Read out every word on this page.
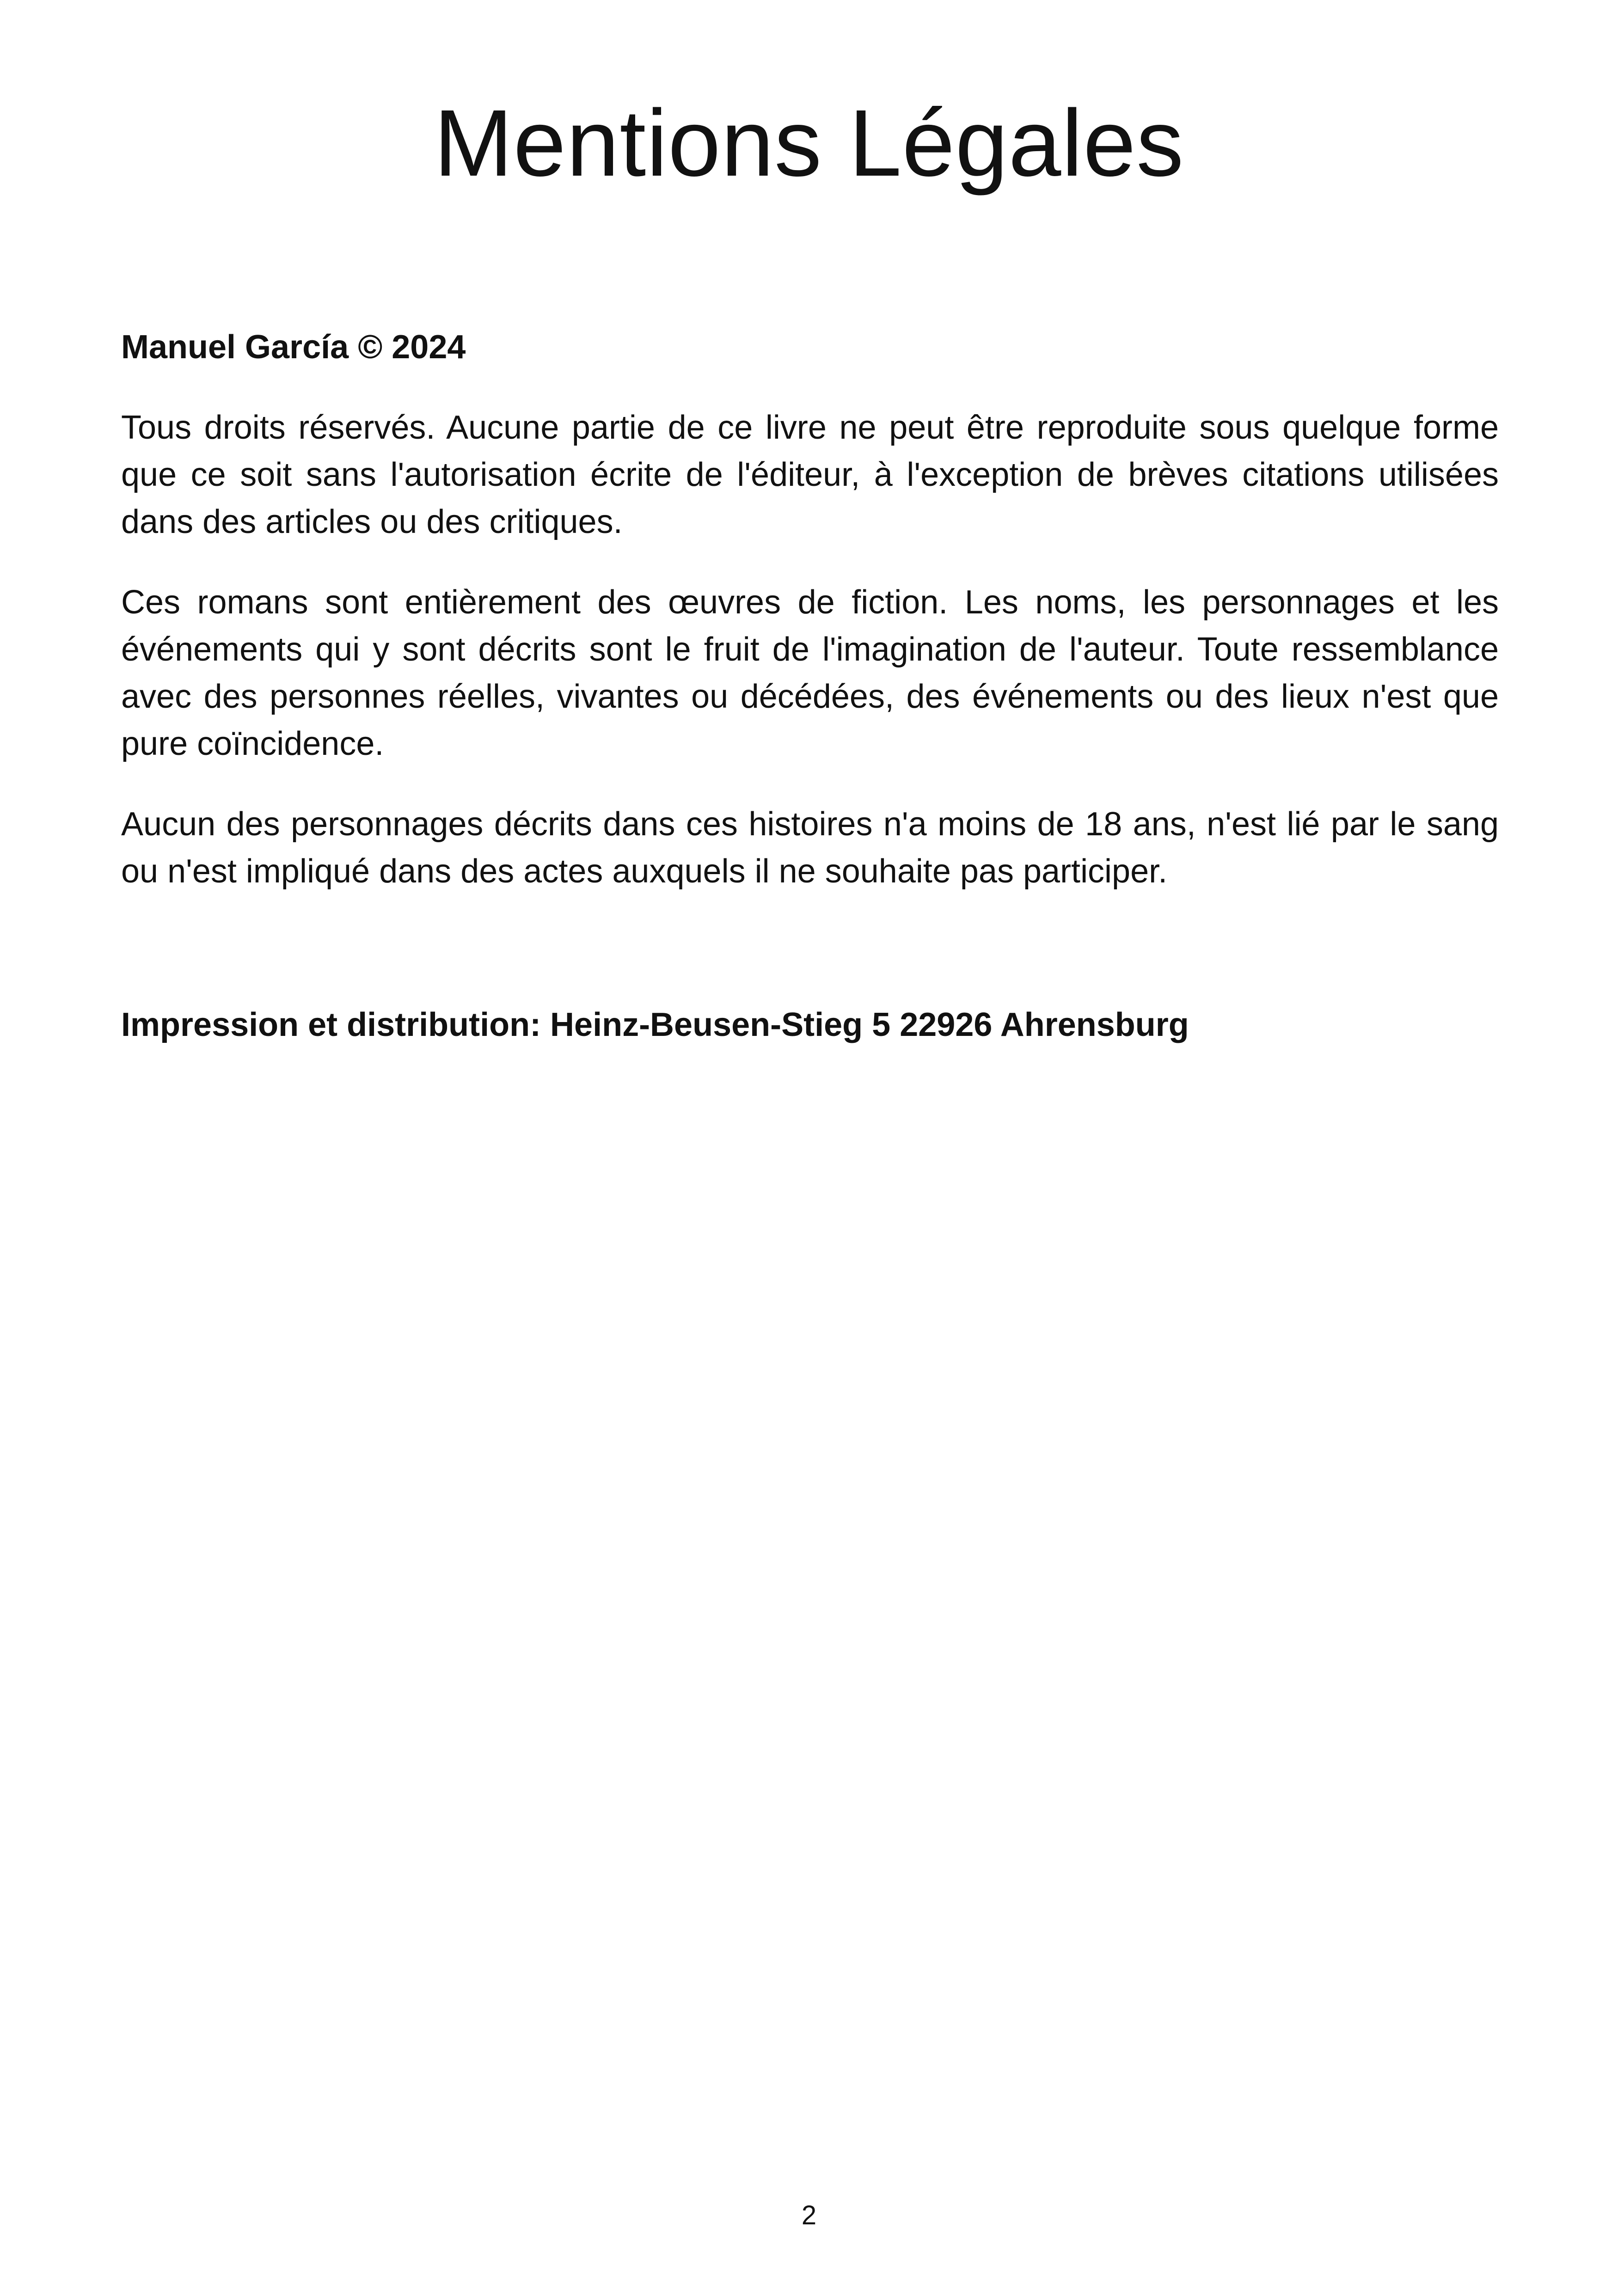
Mentions Légales

Manuel García © 2024

Tous droits réservés. Aucune partie de ce livre ne peut être reproduite sous quelque forme que ce soit sans l'autorisation écrite de l'éditeur, à l'exception de brèves citations utilisées dans des articles ou des critiques.

Ces romans sont entièrement des œuvres de fiction. Les noms, les personnages et les événements qui y sont décrits sont le fruit de l'imagination de l'auteur. Toute ressemblance avec des personnes réelles, vivantes ou décédées, des événements ou des lieux n'est que pure coïncidence.

Aucun des personnages décrits dans ces histoires n'a moins de 18 ans, n'est lié par le sang ou n'est impliqué dans des actes auxquels il ne souhaite pas participer.

Impression et distribution: Heinz-Beusen-Stieg 5 22926 Ahrensburg

2
